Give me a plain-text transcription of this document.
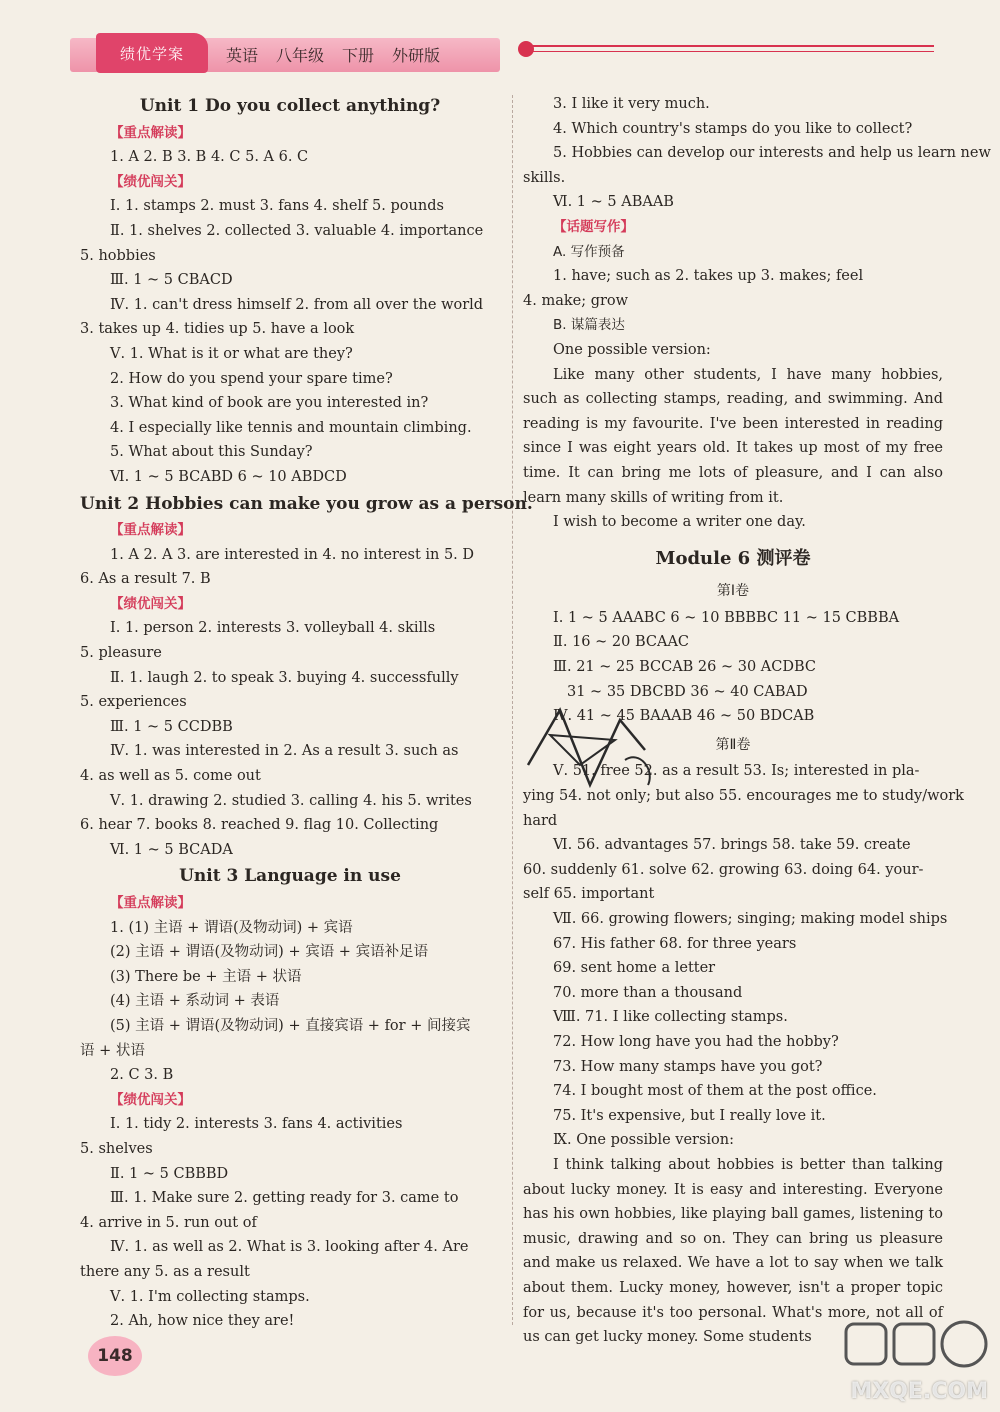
绩优学案	英语 八年级 下册 外研版
Unit 1 Do you collect anything?
【重点解读】
1. A 2. B 3. B 4. C 5. A 6. C
【绩优闯关】
Ⅰ. 1. stamps 2. must 3. fans 4. shelf 5. pounds
Ⅱ. 1. shelves 2. collected 3. valuable 4. importance
5. hobbies
Ⅲ. 1 ~ 5 CBACD
Ⅳ. 1. can't dress himself 2. from all over the world
3. takes up 4. tidies up 5. have a look
Ⅴ. 1. What is it or what are they?
2. How do you spend your spare time?
3. What kind of book are you interested in?
4. I especially like tennis and mountain climbing.
5. What about this Sunday?
Ⅵ. 1 ~ 5 BCABD 6 ~ 10 ABDCD
Unit 2 Hobbies can make you grow as a person.
【重点解读】
1. A 2. A 3. are interested in 4. no interest in 5. D
6. As a result 7. B
【绩优闯关】
Ⅰ. 1. person 2. interests 3. volleyball 4. skills
5. pleasure
Ⅱ. 1. laugh 2. to speak 3. buying 4. successfully
5. experiences
Ⅲ. 1 ~ 5 CCDBB
Ⅳ. 1. was interested in 2. As a result 3. such as
4. as well as 5. come out
Ⅴ. 1. drawing 2. studied 3. calling 4. his 5. writes
6. hear 7. books 8. reached 9. flag 10. Collecting
Ⅵ. 1 ~ 5 BCADA
Unit 3 Language in use
【重点解读】
1. (1) 主语 + 谓语(及物动词) + 宾语
(2) 主语 + 谓语(及物动词) + 宾语 + 宾语补足语
(3) There be + 主语 + 状语
(4) 主语 + 系动词 + 表语
(5) 主语 + 谓语(及物动词) + 直接宾语 + for + 间接宾
语 + 状语
2. C 3. B
【绩优闯关】
Ⅰ. 1. tidy 2. interests 3. fans 4. activities
5. shelves
Ⅱ. 1 ~ 5 CBBBD
Ⅲ. 1. Make sure 2. getting ready for 3. came to
4. arrive in 5. run out of
Ⅳ. 1. as well as 2. What is 3. looking after 4. Are
there any 5. as a result
Ⅴ. 1. I'm collecting stamps.
2. Ah, how nice they are!
3. I like it very much.
4. Which country's stamps do you like to collect?
5. Hobbies can develop our interests and help us learn new
skills.
Ⅵ. 1 ~ 5 ABAAB
【话题写作】
A. 写作预备
1. have; such as 2. takes up 3. makes; feel
4. make; grow
B. 谋篇表达
One possible version:
Like many other students, I have many hobbies, such as collecting stamps, reading, and swimming. And reading is my favourite. I've been interested in reading since I was eight years old. It takes up most of my free time. It can bring me lots of pleasure, and I can also learn many skills of writing from it.
I wish to become a writer one day.
Module 6 测评卷
第Ⅰ卷
Ⅰ. 1 ~ 5 AAABC 6 ~ 10 BBBBC 11 ~ 15 CBBBA
Ⅱ. 16 ~ 20 BCAAC
Ⅲ. 21 ~ 25 BCCAB 26 ~ 30 ACDBC
31 ~ 35 DBCBD 36 ~ 40 CABAD
Ⅳ. 41 ~ 45 BAAAB 46 ~ 50 BDCAB
第Ⅱ卷
Ⅴ. 51. free 52. as a result 53. Is; interested in pla-
ying 54. not only; but also 55. encourages me to study/work
hard
Ⅵ. 56. advantages 57. brings 58. take 59. create
60. suddenly 61. solve 62. growing 63. doing 64. your-
self 65. important
Ⅶ. 66. growing flowers; singing; making model ships
67. His father 68. for three years
69. sent home a letter
70. more than a thousand
Ⅷ. 71. I like collecting stamps.
72. How long have you had the hobby?
73. How many stamps have you got?
74. I bought most of them at the post office.
75. It's expensive, but I really love it.
Ⅸ. One possible version:
I think talking about hobbies is better than talking about lucky money. It is easy and interesting. Everyone has his own hobbies, like playing ball games, listening to music, drawing and so on. They can bring us pleasure and make us relaxed. We have a lot to say when we talk about them. Lucky money, however, isn't a proper topic for us, because it's too personal. What's more, not all of us can get lucky money. Some students
148
MXQE.COM
